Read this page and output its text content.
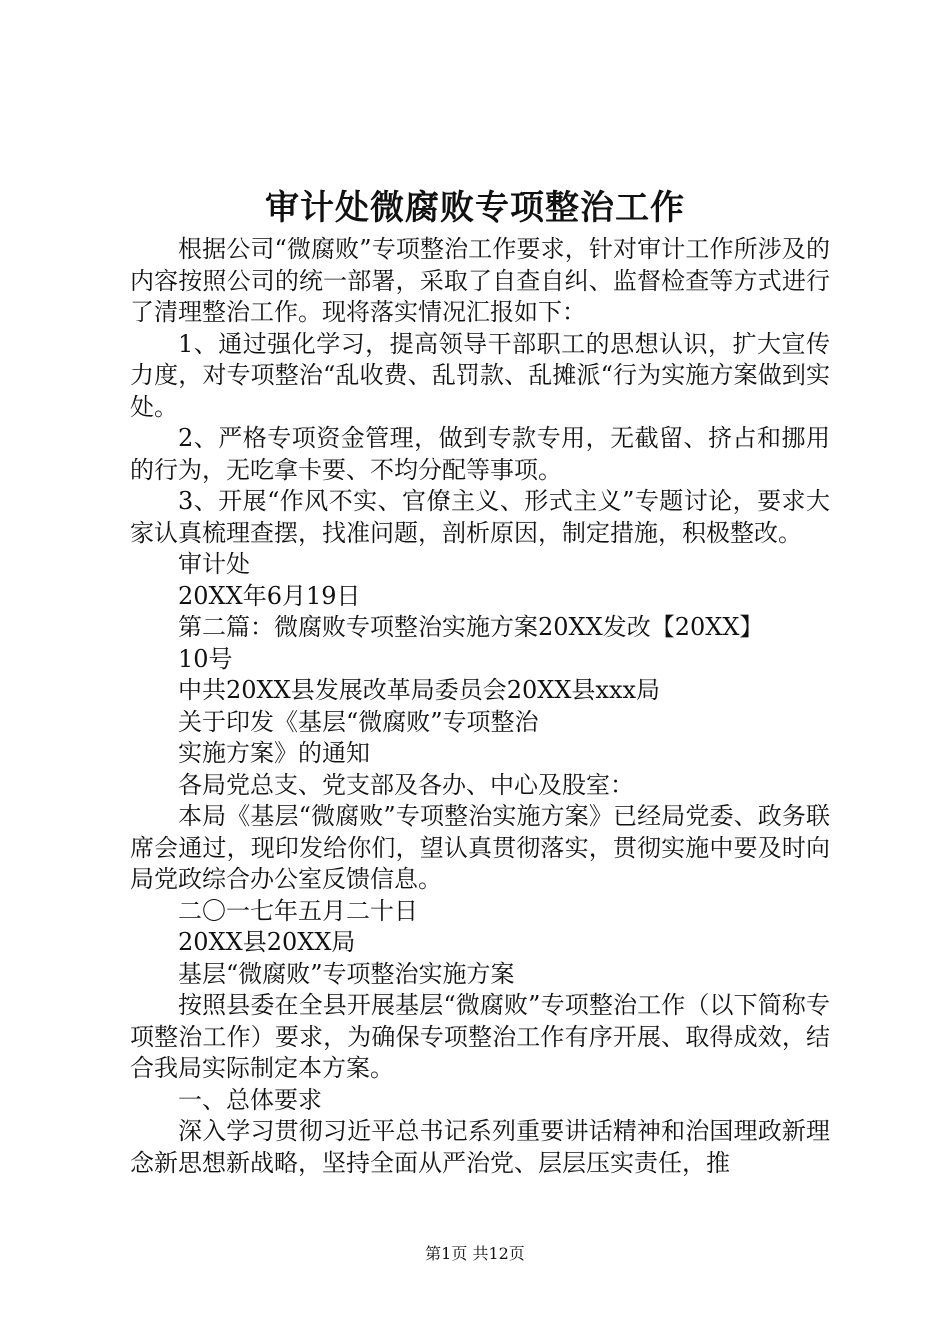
审计处微腐败专项整治工作

根据公司“微腐败”专项整治工作要求，针对审计工作所涉及的内容按照公司的统一部署，采取了自查自纠、监督检查等方式进行了清理整治工作。现将落实情况汇报如下：

1、通过强化学习，提高领导干部职工的思想认识，扩大宣传力度，对专项整治“乱收费、乱罚款、乱摊派“行为实施方案做到实处。

2、严格专项资金管理，做到专款专用，无截留、挤占和挪用的行为，无吃拿卡要、不均分配等事项。

3、开展“作风不实、官僚主义、形式主义”专题讨论，要求大家认真梳理查摆，找准问题，剖析原因，制定措施，积极整改。

审计处

20XX年6月19日

第二篇：微腐败专项整治实施方案20XX发改【20XX】

10号

中共20XX县发展改革局委员会20XX县xxx局

关于印发《基层“微腐败”专项整治

实施方案》的通知

各局党总支、党支部及各办、中心及股室：

本局《基层“微腐败”专项整治实施方案》已经局党委、政务联席会通过，现印发给你们，望认真贯彻落实，贯彻实施中要及时向局党政综合办公室反馈信息。

二〇一七年五月二十日

20XX县20XX局

基层“微腐败”专项整治实施方案

按照县委在全县开展基层“微腐败”专项整治工作（以下简称专项整治工作）要求，为确保专项整治工作有序开展、取得成效，结合我局实际制定本方案。

一、总体要求

深入学习贯彻习近平总书记系列重要讲话精神和治国理政新理念新思想新战略，坚持全面从严治党、层层压实责任，推

第1页 共12页
